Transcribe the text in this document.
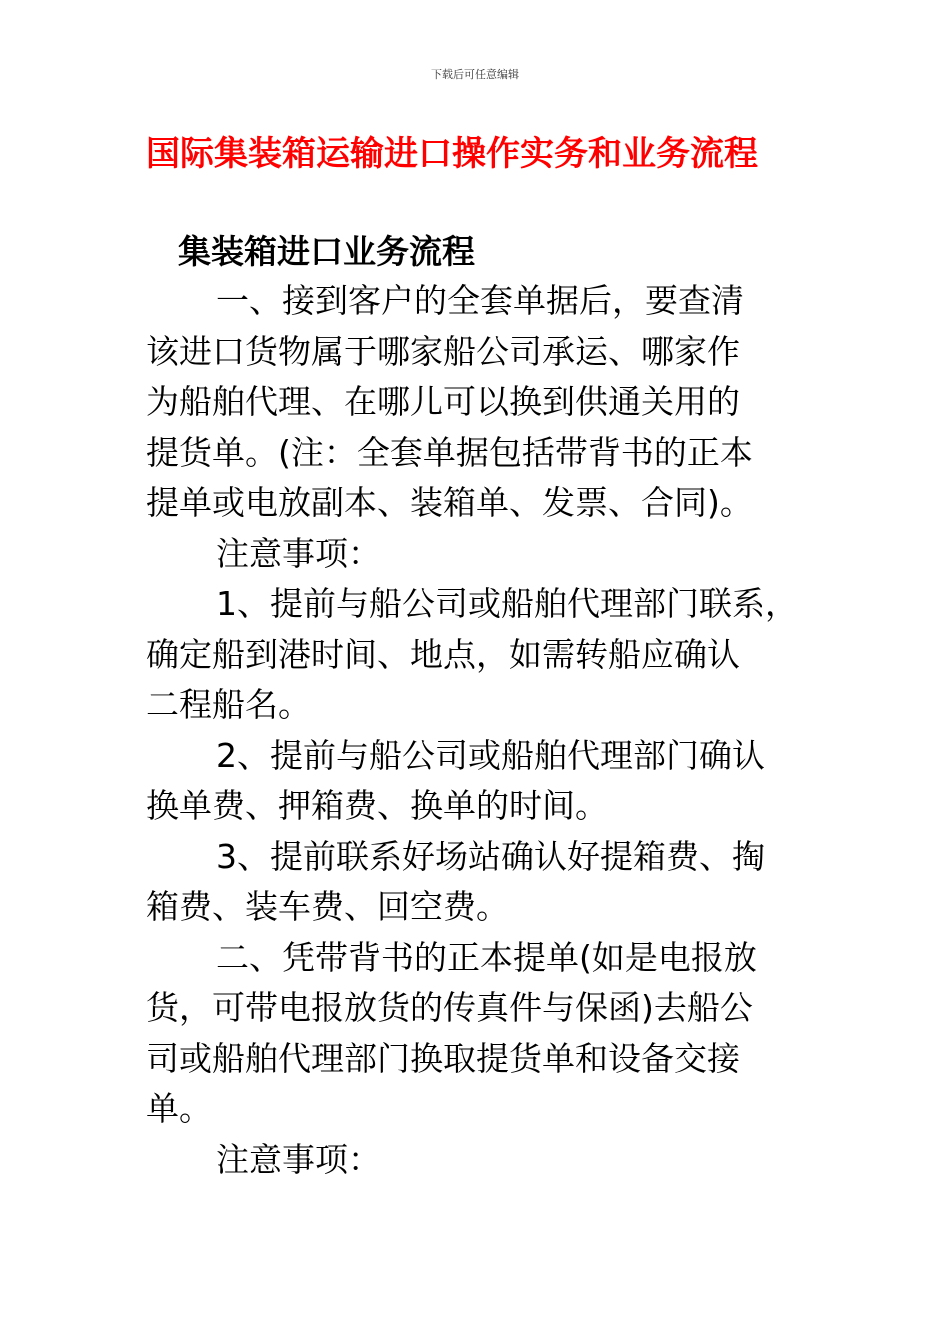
下载后可任意编辑
国际集装箱运输进口操作实务和业务流程
集装箱进口业务流程

一、接到客户的全套单据后，要查清
该进口货物属于哪家船公司承运、哪家作
为船舶代理、在哪儿可以换到供通关用的
提货单。(注：全套单据包括带背书的正本
提单或电放副本、装箱单、发票、合同)。

注意事项：

1、提前与船公司或船舶代理部门联系，
确定船到港时间、地点，如需转船应确认
二程船名。

2、提前与船公司或船舶代理部门确认
换单费、押箱费、换单的时间。

3、提前联系好场站确认好提箱费、掏
箱费、装车费、回空费。

二、凭带背书的正本提单(如是电报放
货，可带电报放货的传真件与保函)去船公
司或船舶代理部门换取提货单和设备交接
单。

注意事项：
